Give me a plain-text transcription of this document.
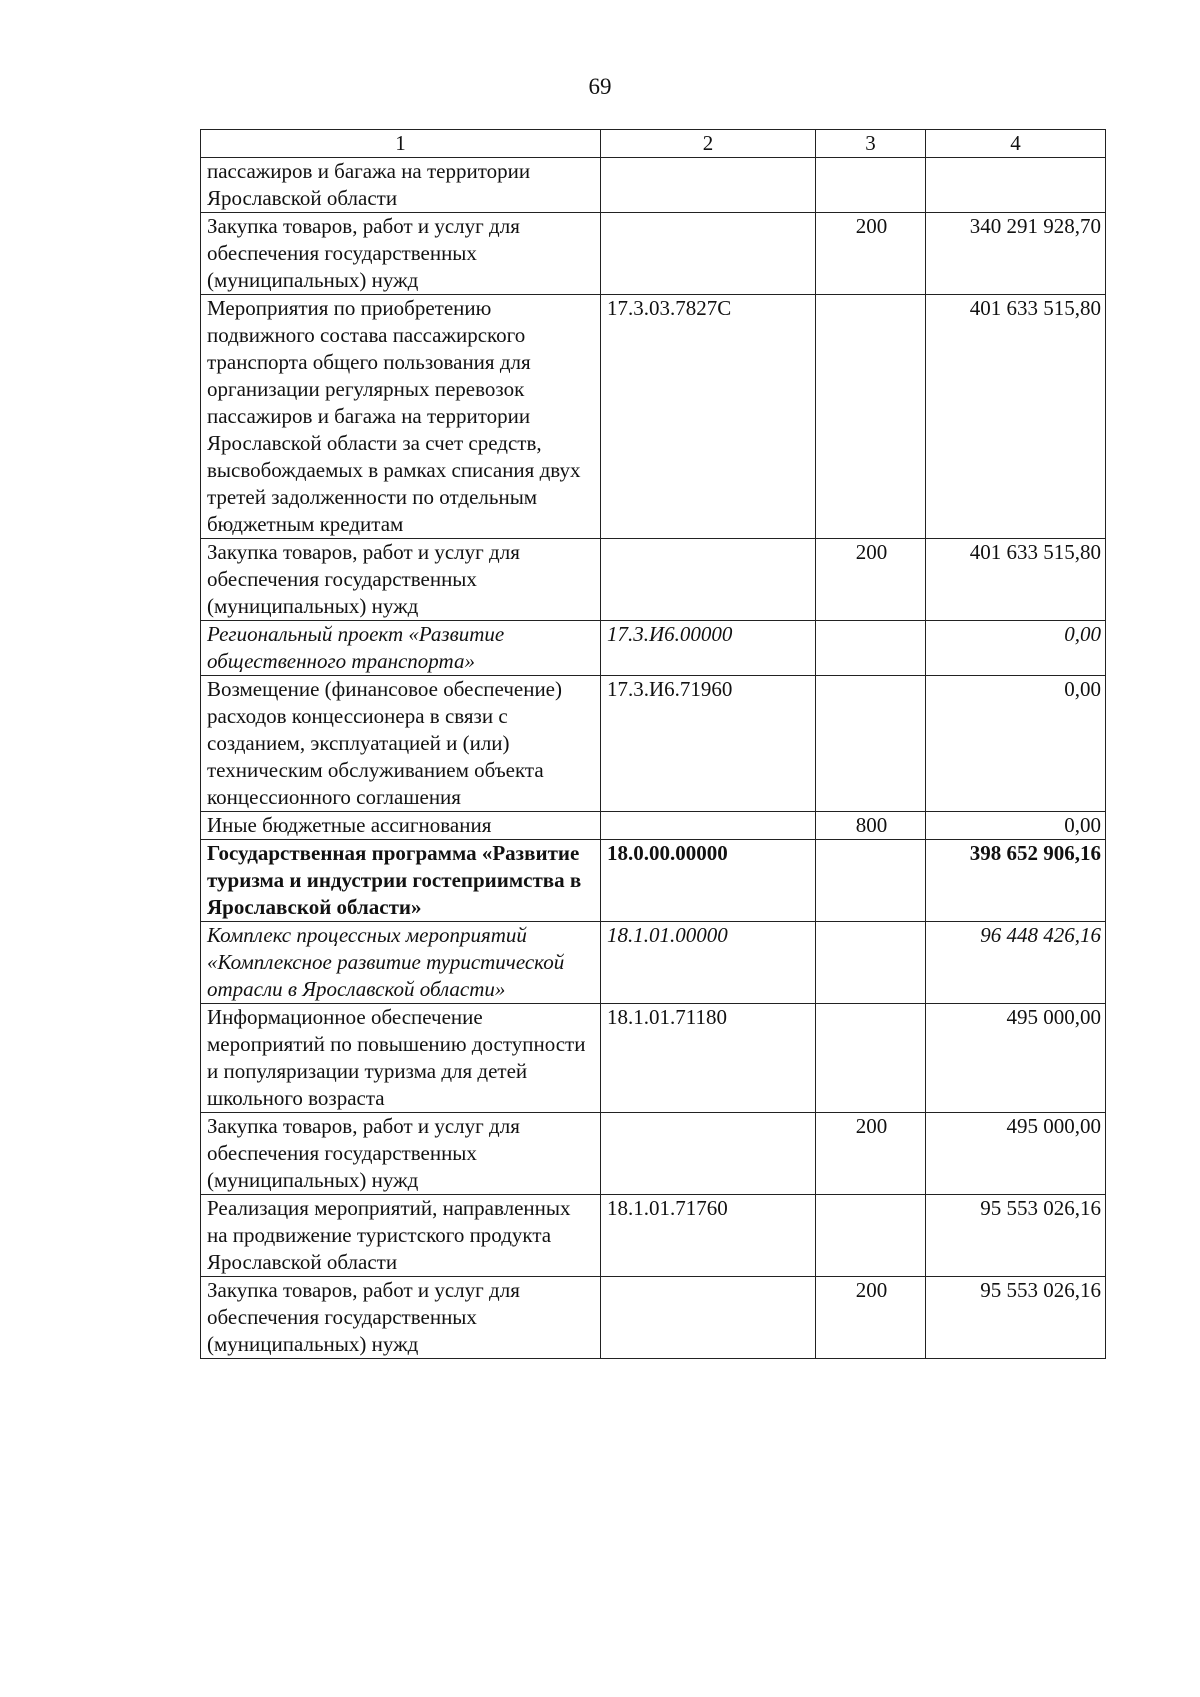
69
1	2	3	4
пассажиров и багажа на территории Ярославской области			
Закупка товаров, работ и услуг для обеспечения государственных (муниципальных) нужд		200	340 291 928,70
Мероприятия по приобретению подвижного состава пассажирского транспорта общего пользования для организации регулярных перевозок пассажиров и багажа на территории Ярославской области за счет средств, высвобождаемых в рамках списания двух третей задолженности по отдельным бюджетным кредитам	17.3.03.7827С		401 633 515,80
Закупка товаров, работ и услуг для обеспечения государственных (муниципальных) нужд		200	401 633 515,80
Региональный проект «Развитие общественного транспорта»	17.3.И6.00000		0,00
Возмещение (финансовое обеспечение) расходов концессионера в связи с созданием, эксплуатацией и (или) техническим обслуживанием объекта концессионного соглашения	17.3.И6.71960		0,00
Иные бюджетные ассигнования		800	0,00
Государственная программа «Развитие туризма и индустрии гостеприимства в Ярославской области»	18.0.00.00000		398 652 906,16
Комплекс процессных мероприятий «Комплексное развитие туристической отрасли в Ярославской области»	18.1.01.00000		96 448 426,16
Информационное обеспечение мероприятий по повышению доступности и популяризации туризма для детей школьного возраста	18.1.01.71180		495 000,00
Закупка товаров, работ и услуг для обеспечения государственных (муниципальных) нужд		200	495 000,00
Реализация мероприятий, направленных на продвижение туристского продукта Ярославской области	18.1.01.71760		95 553 026,16
Закупка товаров, работ и услуг для обеспечения государственных (муниципальных) нужд		200	95 553 026,16
